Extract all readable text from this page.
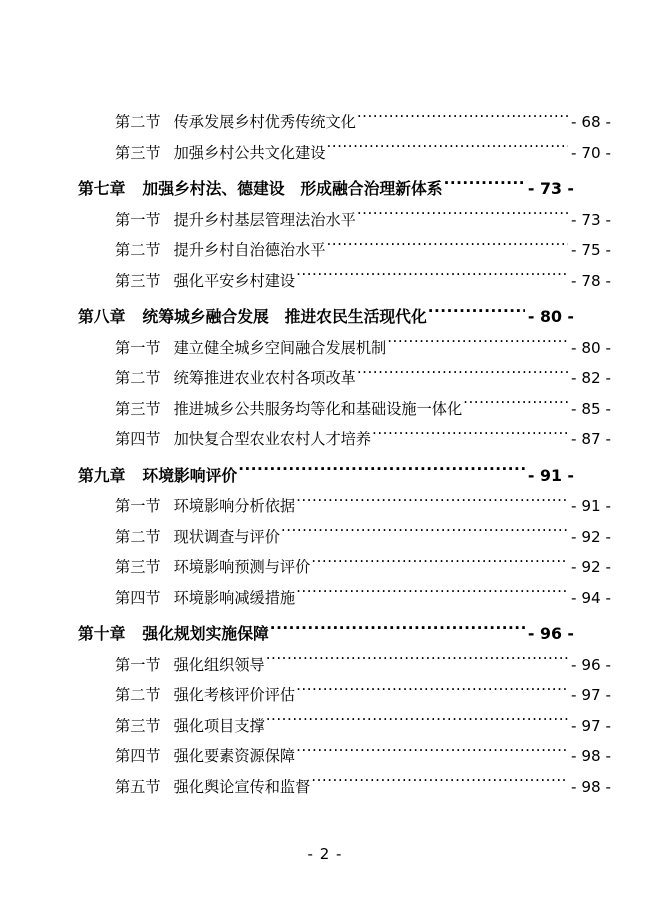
第二节 传承发展乡村优秀传统文化 .....	- 68 -
第三节 加强乡村公共文化建设 .....	- 70 -
第七章 加强乡村法、德建设　形成融合治理新体系 .....	- 73 -
第一节 提升乡村基层管理法治水平 .....	- 73 -
第二节 提升乡村自治德治水平 .....	- 75 -
第三节 强化平安乡村建设 .....	- 78 -
第八章 统筹城乡融合发展　推进农民生活现代化 .....	- 80 -
第一节 建立健全城乡空间融合发展机制 .....	- 80 -
第二节 统筹推进农业农村各项改革 .....	- 82 -
第三节 推进城乡公共服务均等化和基础设施一体化 .....	- 85 -
第四节 加快复合型农业农村人才培养 .....	- 87 -
第九章 环境影响评价 .....	- 91 -
第一节 环境影响分析依据 .....	- 91 -
第二节 现状调查与评价 .....	- 92 -
第三节 环境影响预测与评价 .....	- 92 -
第四节 环境影响减缓措施 .....	- 94 -
第十章 强化规划实施保障 .....	- 96 -
第一节 强化组织领导 .....	- 96 -
第二节 强化考核评价评估 .....	- 97 -
第三节 强化项目支撑 .....	- 97 -
第四节 强化要素资源保障 .....	- 98 -
第五节 强化舆论宣传和监督 .....	- 98 -
- 2 -
